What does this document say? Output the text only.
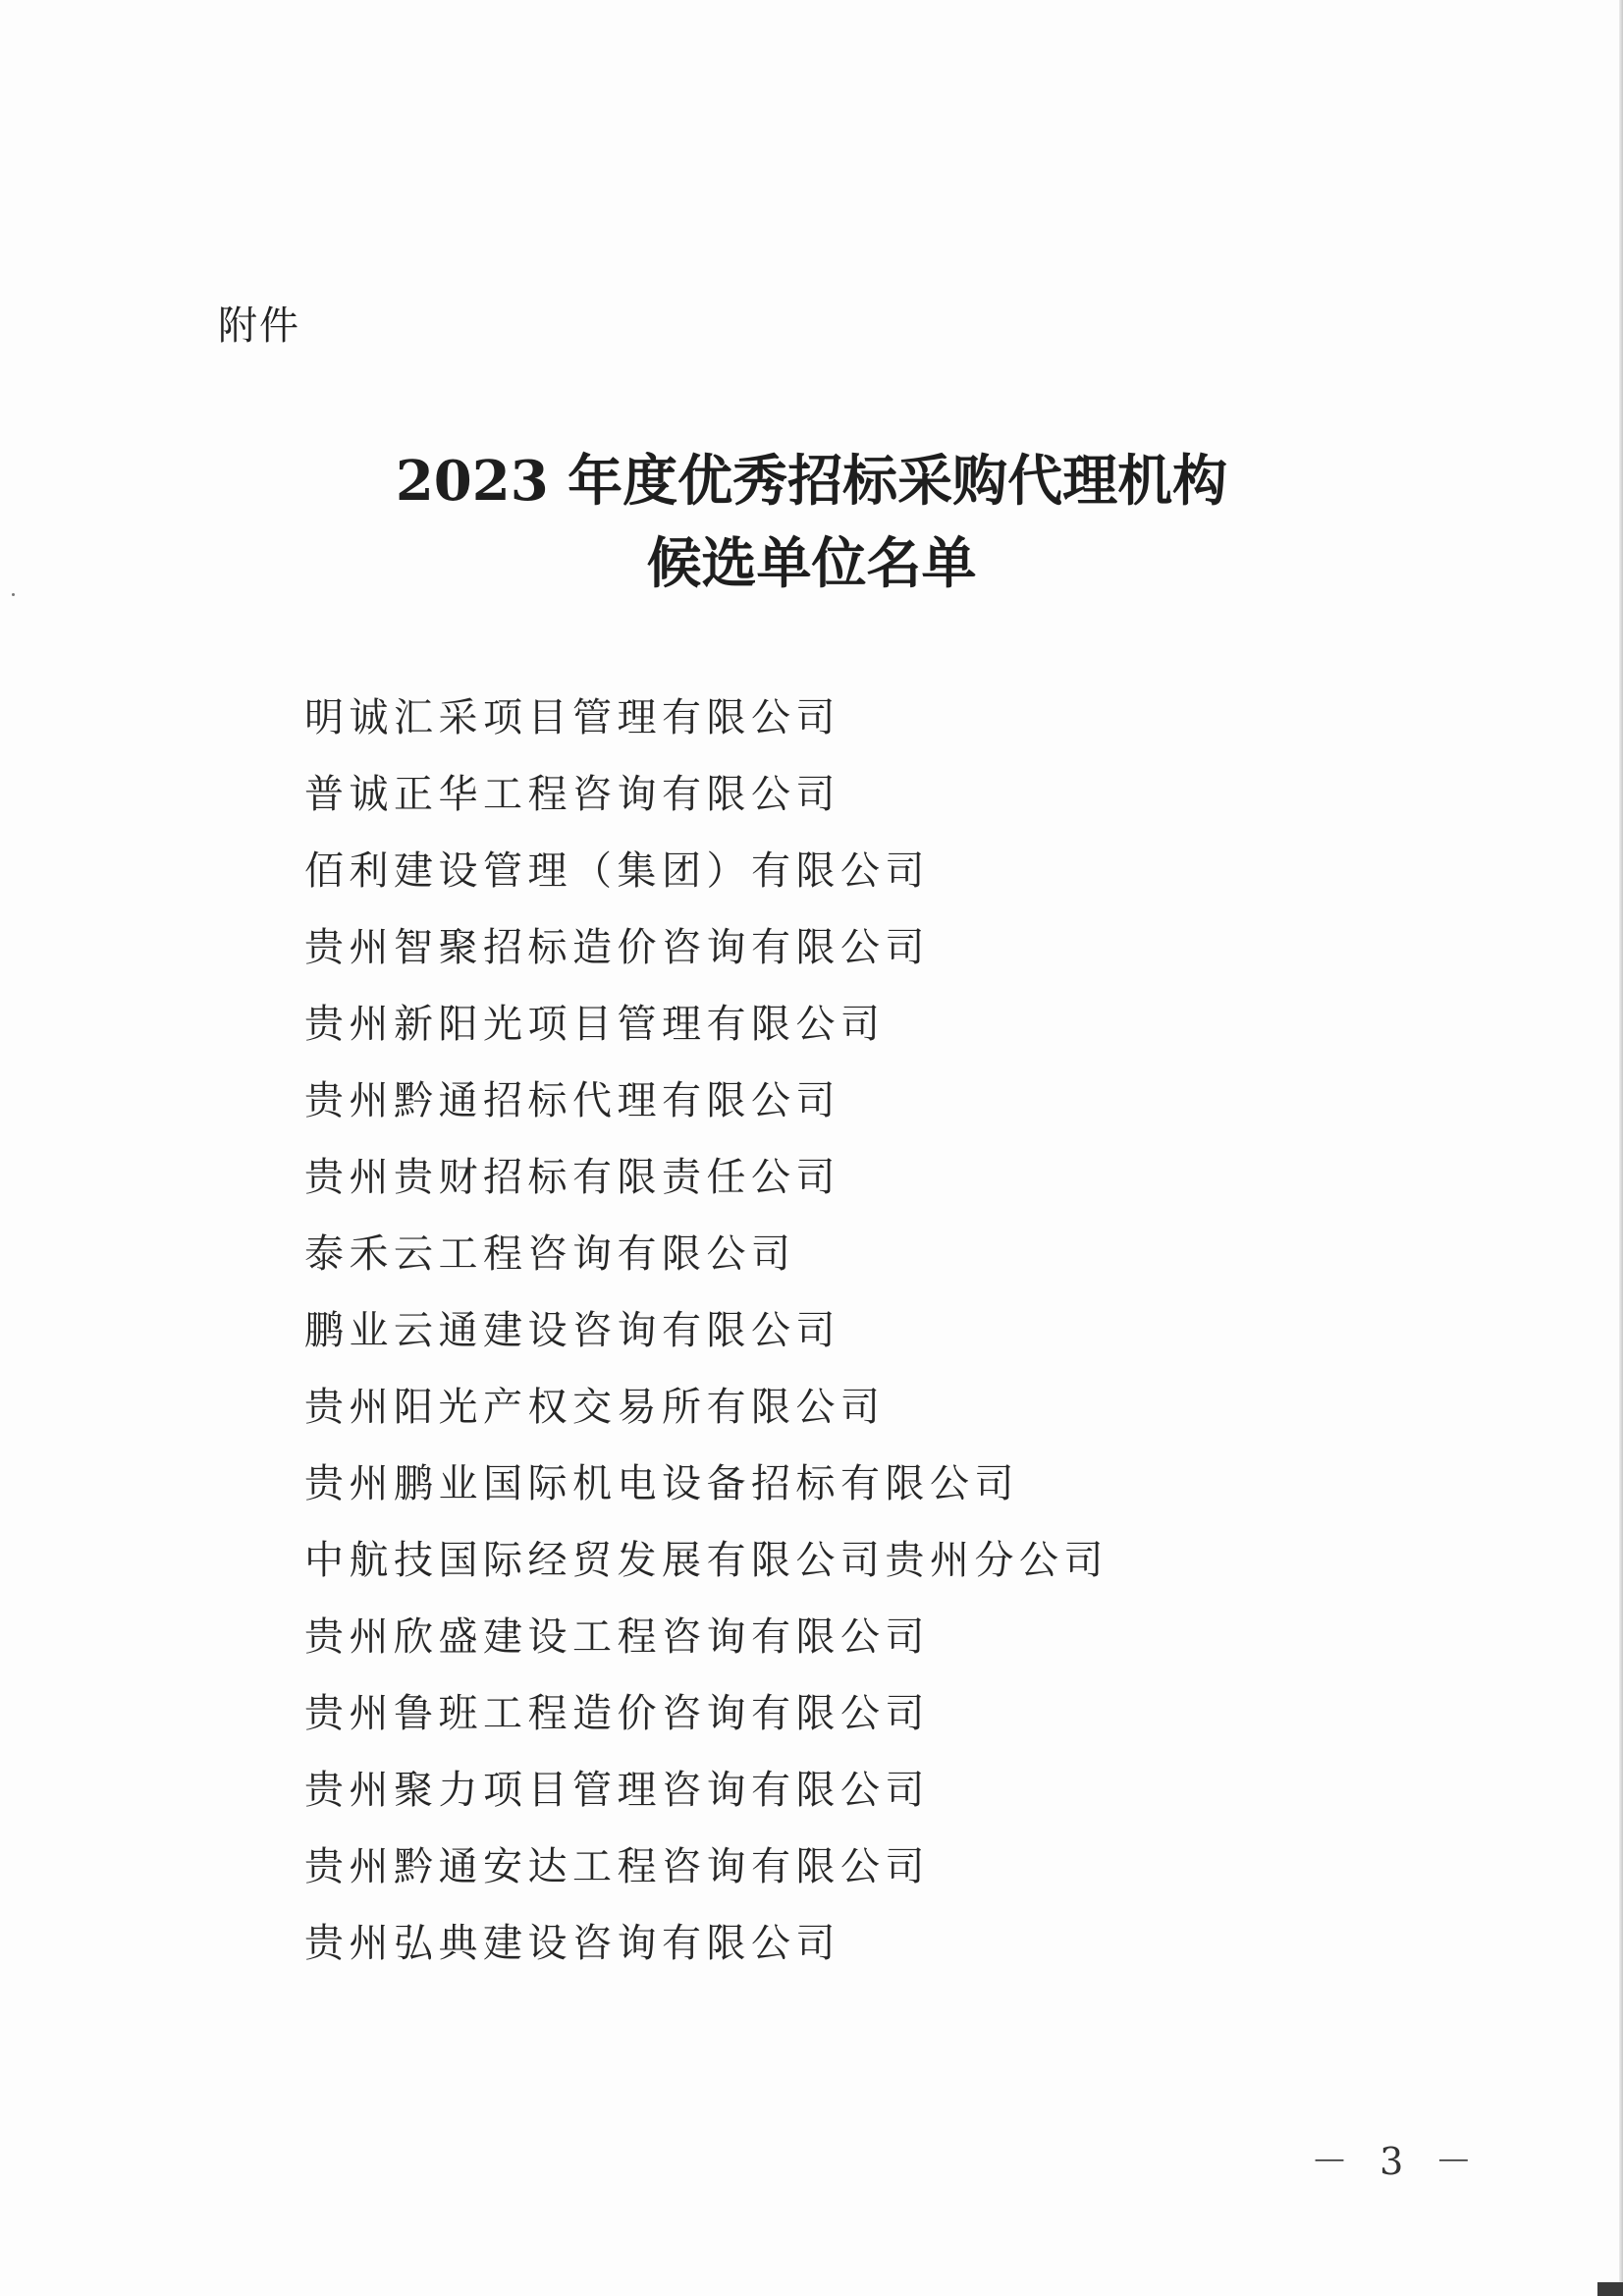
附件
2023 年度优秀招标采购代理机构
候选单位名单
明诚汇采项目管理有限公司
普诚正华工程咨询有限公司
佰利建设管理（集团）有限公司
贵州智聚招标造价咨询有限公司
贵州新阳光项目管理有限公司
贵州黔通招标代理有限公司
贵州贵财招标有限责任公司
泰禾云工程咨询有限公司
鹏业云通建设咨询有限公司
贵州阳光产权交易所有限公司
贵州鹏业国际机电设备招标有限公司
中航技国际经贸发展有限公司贵州分公司
贵州欣盛建设工程咨询有限公司
贵州鲁班工程造价咨询有限公司
贵州聚力项目管理咨询有限公司
贵州黔通安达工程咨询有限公司
贵州弘典建设咨询有限公司
－ 3 －
